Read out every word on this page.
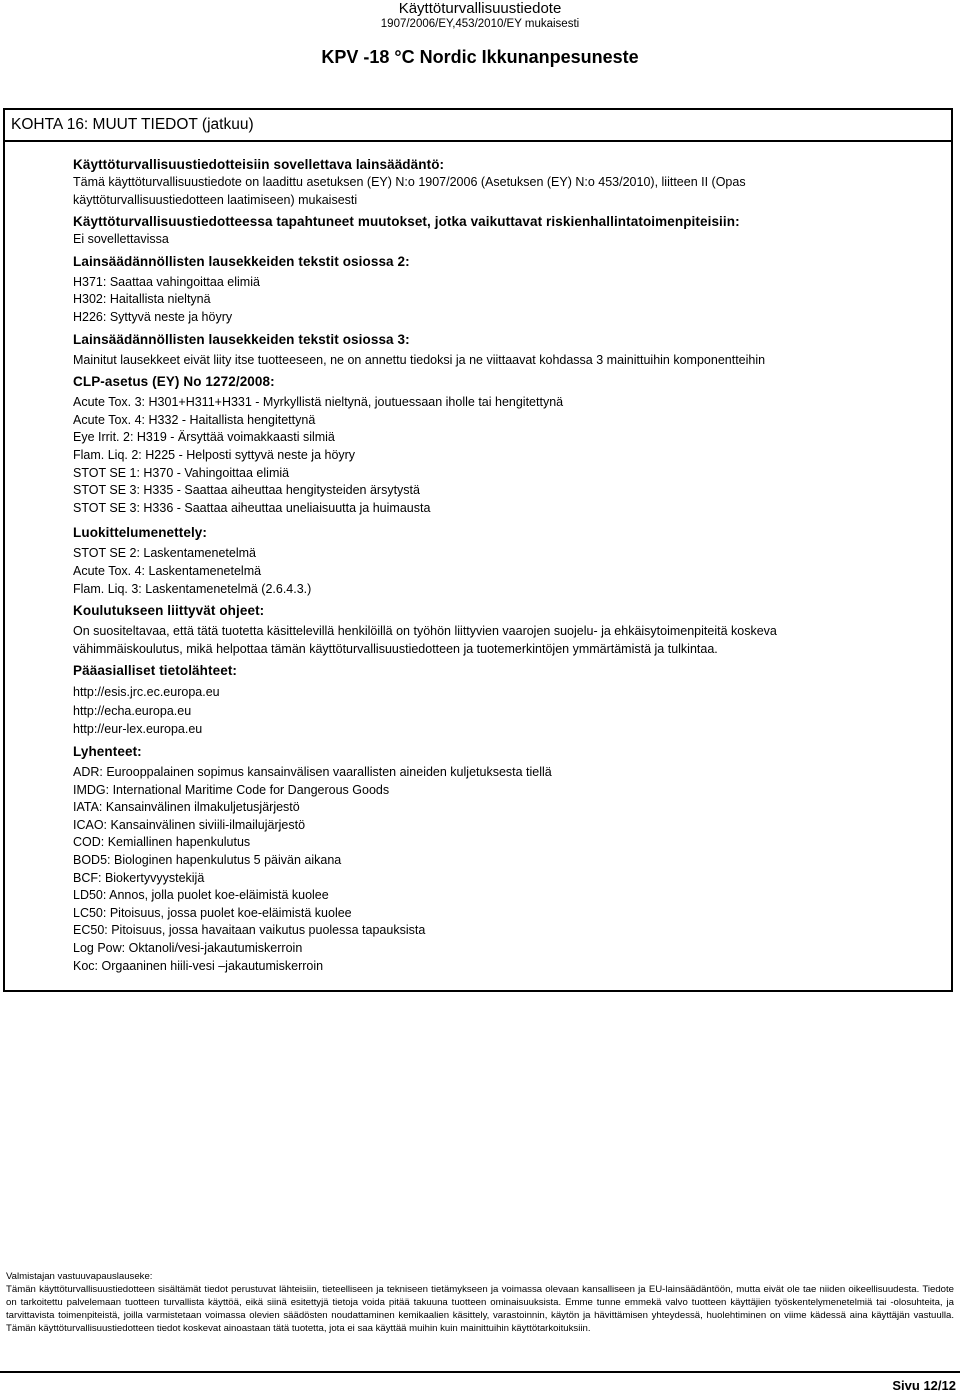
Käyttöturvallisuustiedote
1907/2006/EY,453/2010/EY mukaisesti
KPV -18 °C Nordic Ikkunanpesuneste
KOHTA 16: MUUT TIEDOT (jatkuu)
Käyttöturvallisuustiedotteisiin sovellettava lainsäädäntö:
Tämä käyttöturvallisuustiedote on laadittu asetuksen (EY) N:o 1907/2006 (Asetuksen (EY) N:o 453/2010), liitteen II (Opas
käyttöturvallisuustiedotteen laatimiseen) mukaisesti
Käyttöturvallisuustiedotteessa tapahtuneet muutokset, jotka vaikuttavat riskienhallintatoimenpiteisiin:
Ei sovellettavissa
Lainsäädännöllisten lausekkeiden tekstit osiossa 2:
H371: Saattaa vahingoittaa elimiä
H302: Haitallista nieltynä
H226: Syttyvä neste ja höyry
Lainsäädännöllisten lausekkeiden tekstit osiossa 3:
Mainitut lausekkeet eivät liity itse tuotteeseen, ne on annettu tiedoksi ja ne viittaavat kohdassa 3 mainittuihin komponentteihin
CLP-asetus (EY) No 1272/2008:
Acute Tox. 3: H301+H311+H331 - Myrkyllistä nieltynä, joutuessaan iholle tai hengitettynä
Acute Tox. 4: H332 - Haitallista hengitettynä
Eye Irrit. 2: H319 - Ärsyttää voimakkaasti silmiä
Flam. Liq. 2: H225 - Helposti syttyvä neste ja höyry
STOT SE 1: H370 - Vahingoittaa elimiä
STOT SE 3: H335 - Saattaa aiheuttaa hengitysteiden ärsytystä
STOT SE 3: H336 - Saattaa aiheuttaa uneliaisuutta ja huimausta
Luokittelumenettely:
STOT SE 2: Laskentamenetelmä
Acute Tox. 4: Laskentamenetelmä
Flam. Liq. 3: Laskentamenetelmä (2.6.4.3.)
Koulutukseen liittyvät ohjeet:
On suositeltavaa, että tätä tuotetta käsittelevillä henkilöillä on työhön liittyvien vaarojen suojelu- ja ehkäisytoimenpiteitä koskeva
vähimmäiskoulutus, mikä helpottaa tämän käyttöturvallisuustiedotteen ja tuotemerkintöjen ymmärtämistä ja tulkintaa.
Pääasialliset tietolähteet:
http://esis.jrc.ec.europa.eu
http://echa.europa.eu
http://eur-lex.europa.eu
Lyhenteet:
ADR: Eurooppalainen sopimus kansainvälisen vaarallisten aineiden kuljetuksesta tiellä
IMDG: International Maritime Code for Dangerous Goods
IATA: Kansainvälinen ilmakuljetusjärjestö
ICAO: Kansainvälinen siviili-ilmailujärjestö
COD: Kemiallinen hapenkulutus
BOD5: Biologinen hapenkulutus 5 päivän aikana
BCF: Biokertyvyystekijä
LD50: Annos, jolla puolet koe-eläimistä kuolee
LC50: Pitoisuus, jossa puolet koe-eläimistä kuolee
EC50: Pitoisuus, jossa havaitaan vaikutus puolessa tapauksista
Log Pow: Oktanoli/vesi-jakautumiskerroin
Koc: Orgaaninen hiili-vesi –jakautumiskerroin
Valmistajan vastuuvapauslauseke:
Tämän käyttöturvallisuustiedotteen sisältämät tiedot perustuvat lähteisiin, tieteelliseen ja tekniseen tietämykseen ja voimassa olevaan kansalliseen ja EU-lainsäädäntöön, mutta eivät ole tae niiden oikeellisuudesta. Tiedote on tarkoitettu palvelemaan tuotteen turvallista käyttöä, eikä siinä esitettyjä tietoja voida pitää takuuna tuotteen ominaisuuksista. Emme tunne emmekä valvo tuotteen käyttäjien työskentelymenetelmiä tai -olosuhteita, ja tarvittavista toimenpiteistä, joilla varmistetaan voimassa olevien säädösten noudattaminen kemikaalien käsittely, varastoinnin, käytön ja hävittämisen yhteydessä, huolehtiminen on viime kädessä aina käyttäjän vastuulla. Tämän käyttöturvallisuustiedotteen tiedot koskevat ainoastaan tätä tuotetta, jota ei saa käyttää muihin kuin mainittuihin käyttötarkoituksiin.
Sivu 12/12
